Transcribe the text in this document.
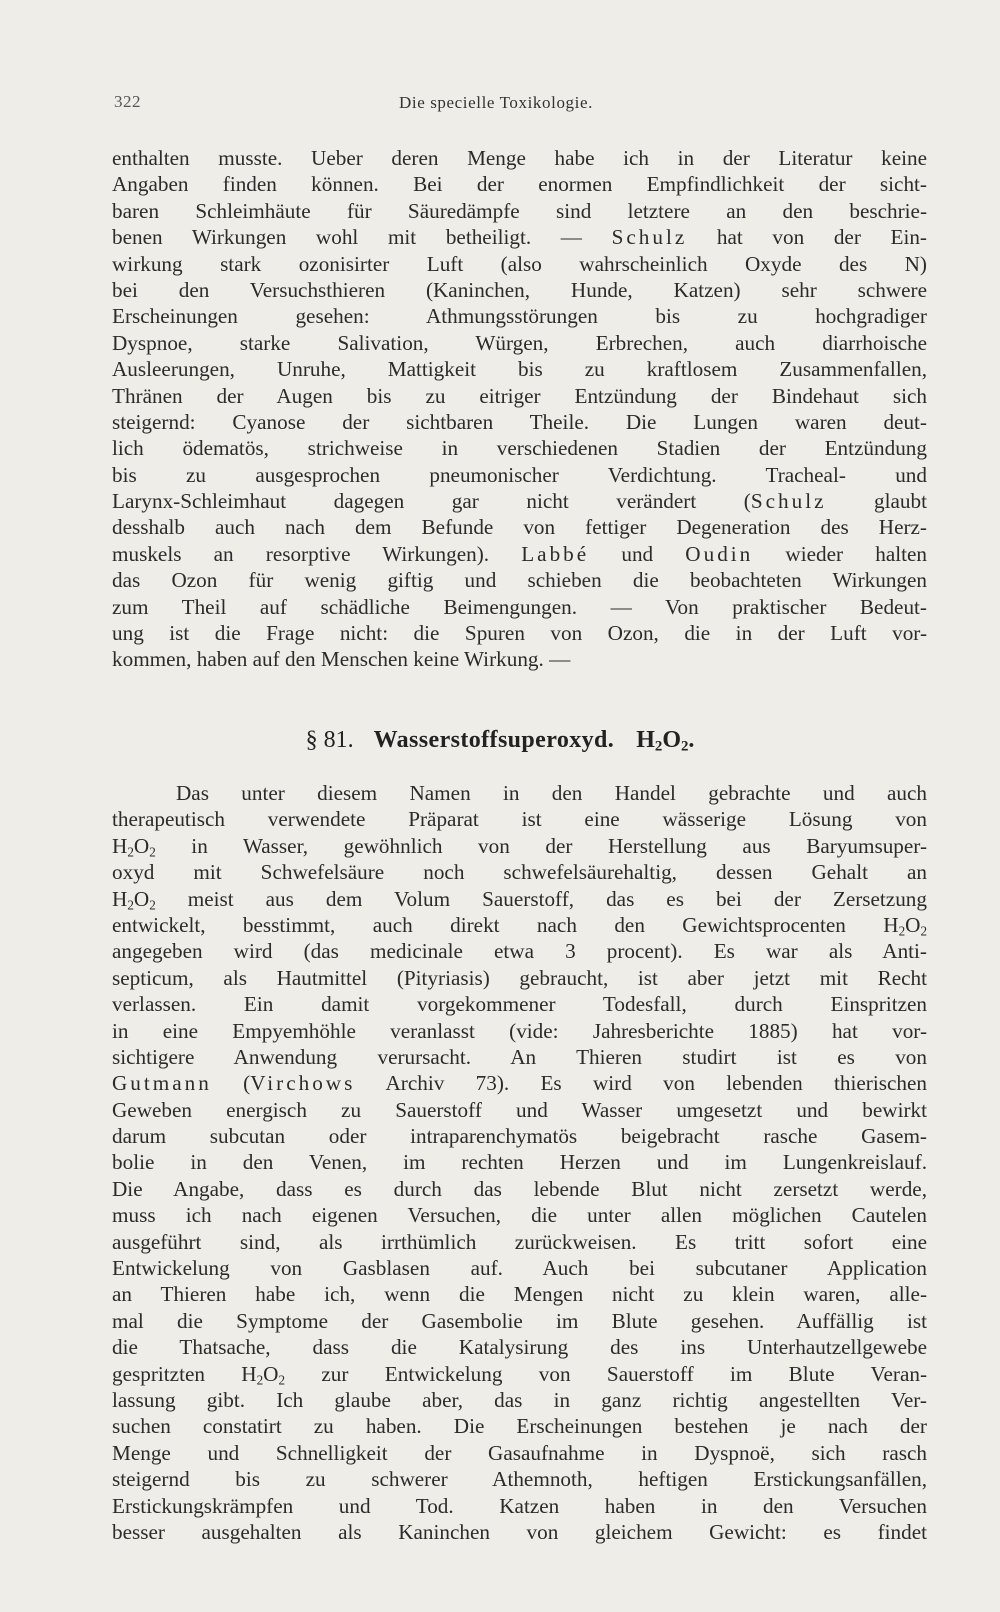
322	Die specielle Toxikologie.
enthalten musste. Ueber deren Menge habe ich in der Literatur keine
Angaben finden können. Bei der enormen Empfindlichkeit der sicht-
baren Schleimhäute für Säuredämpfe sind letztere an den beschrie-
benen Wirkungen wohl mit betheiligt. — Schulz hat von der Ein-
wirkung stark ozonisirter Luft (also wahrscheinlich Oxyde des N)
bei den Versuchsthieren (Kaninchen, Hunde, Katzen) sehr schwere
Erscheinungen gesehen: Athmungsstörungen bis zu hochgradiger
Dyspnoe, starke Salivation, Würgen, Erbrechen, auch diarrhoische
Ausleerungen, Unruhe, Mattigkeit bis zu kraftlosem Zusammenfallen,
Thränen der Augen bis zu eitriger Entzündung der Bindehaut sich
steigernd: Cyanose der sichtbaren Theile. Die Lungen waren deut-
lich ödematös, strichweise in verschiedenen Stadien der Entzündung
bis zu ausgesprochen pneumonischer Verdichtung. Tracheal- und
Larynx-Schleimhaut dagegen gar nicht verändert (Schulz glaubt
desshalb auch nach dem Befunde von fettiger Degeneration des Herz-
muskels an resorptive Wirkungen). Labbé und Oudin wieder halten
das Ozon für wenig giftig und schieben die beobachteten Wirkungen
zum Theil auf schädliche Beimengungen. — Von praktischer Bedeut-
ung ist die Frage nicht: die Spuren von Ozon, die in der Luft vor-
kommen, haben auf den Menschen keine Wirkung. —
§ 81. Wasserstoffsuperoxyd. $H_2O_2$.
Das unter diesem Namen in den Handel gebrachte und auch
therapeutisch verwendete Präparat ist eine wässerige Lösung von
$H_2O_2$ in Wasser, gewöhnlich von der Herstellung aus Baryumsuper-
oxyd mit Schwefelsäure noch schwefelsäurehaltig, dessen Gehalt an
$H_2O_2$ meist aus dem Volum Sauerstoff, das es bei der Zersetzung
entwickelt, besstimmt, auch direkt nach den Gewichtsprocenten $H_2O_2$
angegeben wird (das medicinale etwa 3 procent). Es war als Anti-
septicum, als Hautmittel (Pityriasis) gebraucht, ist aber jetzt mit Recht
verlassen. Ein damit vorgekommener Todesfall, durch Einspritzen
in eine Empyemhöhle veranlasst (vide: Jahresberichte 1885) hat vor-
sichtigere Anwendung verursacht. An Thieren studirt ist es von
Gutmann (Virchows Archiv 73). Es wird von lebenden thierischen
Geweben energisch zu Sauerstoff und Wasser umgesetzt und bewirkt
darum subcutan oder intraparenchymatös beigebracht rasche Gasem-
bolie in den Venen, im rechten Herzen und im Lungenkreislauf.
Die Angabe, dass es durch das lebende Blut nicht zersetzt werde,
muss ich nach eigenen Versuchen, die unter allen möglichen Cautelen
ausgeführt sind, als irrthümlich zurückweisen. Es tritt sofort eine
Entwickelung von Gasblasen auf. Auch bei subcutaner Application
an Thieren habe ich, wenn die Mengen nicht zu klein waren, alle-
mal die Symptome der Gasembolie im Blute gesehen. Auffällig ist
die Thatsache, dass die Katalysirung des ins Unterhautzellgewebe
gespritzten $H_2O_2$ zur Entwickelung von Sauerstoff im Blute Veran-
lassung gibt. Ich glaube aber, das in ganz richtig angestellten Ver-
suchen constatirt zu haben. Die Erscheinungen bestehen je nach der
Menge und Schnelligkeit der Gasaufnahme in Dyspnoë, sich rasch
steigernd bis zu schwerer Athemnoth, heftigen Erstickungsanfällen,
Erstickungskrämpfen und Tod. Katzen haben in den Versuchen
besser ausgehalten als Kaninchen von gleichem Gewicht: es findet
